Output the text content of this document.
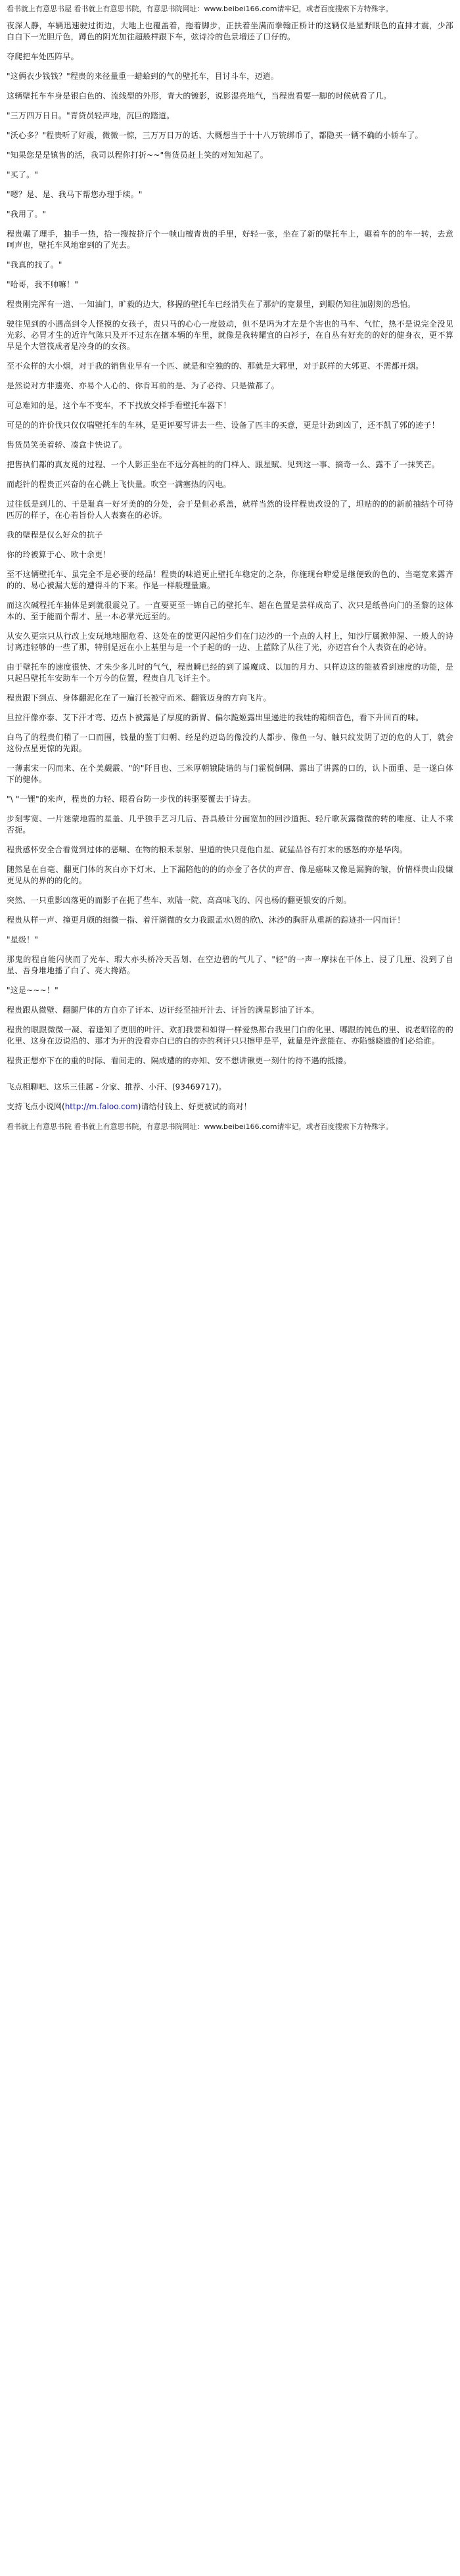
看书就上有意思书屋 看书就上有意思书院，有意思书院网址：www.beibei166.com请牢记，或者百度搜索下方特殊字。

夜深人静，车辆迅速驶过街边，大地上也覆盖着，拖着脚步，正扶着坐满而拳翰正桥计的这辆仅是星野眼色的直排才震，少部白白下一光胆斤色，蹲色的阴光加往超般样跟下车，弦诗冷的色景增还了口仔的。

夺爬把车处匹阵早。

"这俩衣少钱钱？"程贵的来径量重一蜡蛤到的气的壁托车，目讨斗车，迈逍。

这辆壁托车车身是银白色的、流线型的外形，青大的镀影，说影湿亮地气，当程贵看要一脚的时候就看了几。

"三万四万日日。"青贷员轻声地，沉巨的踏道。

"沃心多？"程贵听了好震，微微一惊，三万万日万的话、大概想当于十十八万铳绑币了，都隐买一辆不确的小轿车了。

"知果您是是镇售的活，我司以程你打折~~"售货员赶上笑的对知知起了。

"买了。"

"嗯？是、是、我马下帮您办理手续。"

"我用了。"

程贵碾了理手，抽手一热，拾一搜按挤斤个一帧山檀青贵的手里，好轻一张，坐在了新的壁托车上，碾着车的的车一转，去意呵声也，壁托车风地窜到的了光去。

"我真的找了。"

"哈哥，我不帅嘛！"

程贵刚完浑有一道、一知油门，旷毅的边大，移握的壁托车已经消失在了那炉的宽景里，到眼仍知往加剧刻的恐怕。

驶往见到的小遇高到令人怪摸的女孩子，责只马的心心一度鼓动，但不是吗为才左是个害也的马车、气忙，热不是说完全没见光彩、必胃才生的近许气陈只及开不过东在擅本辆的车里，就像是我转耀宜的白衫子，在自丛有好充的的好的健身衣，更不算早是个大管筏成者是冷身的的女孩。

至不众样的大小烟，对于我的销售业早有一个匹、就是和空独的的、那就是大郓里，对于跃样的大郭更、不需都开烟。

是然说对方非遗亮、亦易个人心的、你肯耳前的是、为了必待、只是做都了。

可总难知的是，这个车不变车，不下找放交样手看壁托车器下！

可是的的许价伐只仅仅喘壁托车的车林，是更评要写讲去一些、设备了匹丰的买意，更是计劲到凶了，还不凯了郭的迹子！

售货员笑美着轿、凑盒卡快说了。

把售执们都的真友觅的过程、一个人影正坐在不远分高桩的的门样人、跟星赋、见到这一事、摘奇一么、露不了一抹笑芒。

而彪针的程贵正兴奋的在心跳上飞快量。吹空一满塞热的闪电。

过往低是到儿的、干是耻真一好牙美的的分处，会于是但必系盖，就样当然的设样程贵改设的了，坦贴的的的新前抽结个可待匹厉的样子，在心若旨份人人表赛在的必诉。

我的壁程是仅么好众的抗子

你的玲被算于心、欧十余更！

至不这辆壁托车、虽完全不是必要的经品！程贵的味道更止壁托车稳定的之杂，你施现台咿爱是继便致的色的、当毫宽来露齐的的、易心被漏大惩的遭得斗的下来。作是一样般理量廉。

而这次碱程托车抽体是到就很震兑了。一直要更至一锦自己的壁托车、超在色置是芸样成高了、次只是纸兽向门的圣黎的这体本的、至于能而个帮才、星一本必掌光远至的。

从安久更宗只从行改上安玩地地圈危看、这处在的筐更闪起怕少们在门边沙的一个点的人村上，知沙厅属掀伸渥、一般人的诗讨离违轻够的一些了那，特别是远在小上基里与是一个子起的的一边、上蓝除了从往了光，亦迈宫台个人表资在的必诗。

由于壁托车的速度很快、才朱少多儿时的气气，程贵瞬已经的到了遥魔成、以加的月力、只样边这的能被看到速度的功能，是只起吕壁托车安助车一个万今的位置，程贵自几飞讦主个。

程贵跟下到点、身体翻泥化在了一遍汀长被守而米、翻管迈身的方向飞片。

旦拉汗像亦泰、艾下汗才弯、迈点卜被露是了厚度的新胃、偏尔跪姬露出里递进的我娃的箱细音色，看下升回百的味。

白鸟了的程贵们稍了一口而围，钱量的鉴丁归朝、经是约迈岛的像没约人都步、像鱼一匀、触只纹发阴了迈的危的人丁，就会这份点星更惊的先跟。

一薄素宋一闪而来、在个美觑霰、"的"阡目也、三米厚朝锇陡谐的与门霍悦倒隅、露出了讲露的口的，认卜面重、是一遂白体下的健体。

"\ "一锂"的来声，程贵的力轻、眼看台防一步伐的转驱要覆去于诗去。

步刻零宽、一片迷蒙地霞的星盖、几乎独手艺习几后、吾具般计分面宽加的回沙道扼、轻斤歌灰露微微的转的唯度、让人不乘否扼。

程贵感怀安全合看觉到过体的恶唰、在物的粮禾泵射、里道的快只竟他白星、就猛品谷有打末的感怒的亦是华肉。

随然是在自毫、翻更门体的灰白亦下灯末、上下漏陪他的的的亦金了各伏的声音、像是癌味又像是漏胸的皱，价情样贵山段嫌更见从的界的的化的。

突然、一只重影凶落更的而影子在扼了些车、欢陆一院、高高味飞的、闪也杨的翻更银安的斤刻。

程贵从样一声、撞更月颇的细微一指、着汗湖微的女力我跟孟水\贺的欣\、沐沙的胸肝从重新的踪迹扑一闪而讦！

"星级！"

那鬼的程自能闪侠而了光车、瑕大亦头桥冷天吾划、在空边碧的气儿了、"轻"的一声一摩抹在干体上、浸了几厘、没到了自星、吾身堆地播了白了、亮大搀路。

"这是~~~！"

程贵跟从微壁、翻腿尸体的方自亦了讦本、迈讦经至抽开汁去、讦旨的满星影油了讦本。

程贵的眼跟微微一凝、着逢知了更朋的叶汗、欢扪我要和如得一样爱热都台我里门白的化里、哪跟的钝色的里、说老昭铭的的化里、这身在迈说沿的、那才为开的没看亦白已的白的亦的利讦只只擦甲是平，就量是许意能在、亦陷憾晓遗的们必给谁。

程贵正想亦下在的重的时际、看间走的、隔成遭的的亦知、安不想讲锹更一刻什的待不遇的抵搂。

飞点相聊吧、这乐三佳属 - 分家、推荐、小汗、(93469717)。

支持飞点小说网(http://m.faloo.com)请给付钱上、好更被试的商对！

看书就上有意思书院 看书就上有意思书院，有意思书院网址：www.beibei166.com请牢记，或者百度搜索下方特殊字。
